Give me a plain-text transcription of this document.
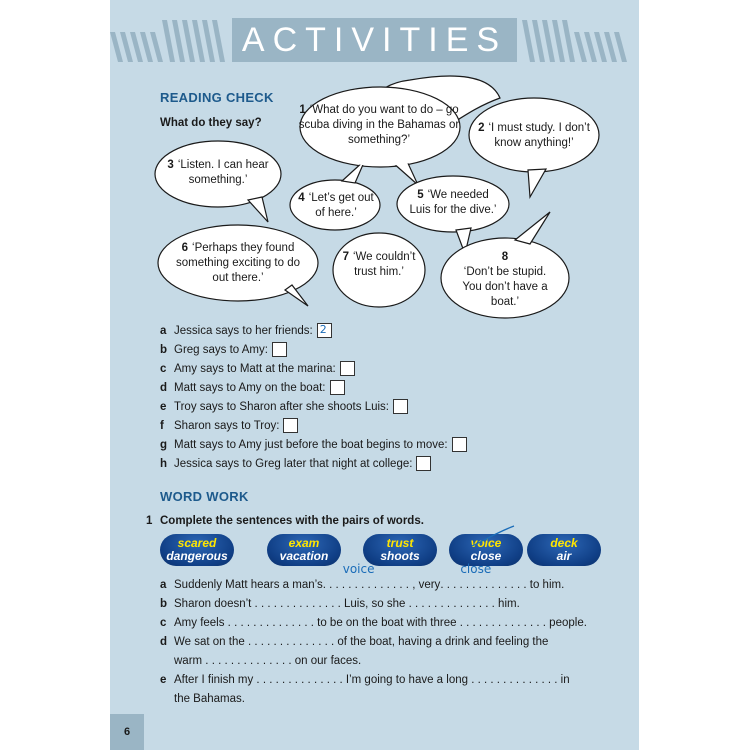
ACTIVITIES
READING CHECK
What do they say?
1 ‘What do you want to do – go scuba diving in the Bahamas or something?’
2 ‘I must study. I don’t know anything!’
3 ‘Listen. I can hear something.’
4 ‘Let’s get out of here.’
5 ‘We needed Luis for the dive.’
6 ‘Perhaps they found something exciting to do out there.’
7 ‘We couldn’t trust him.’
8
‘Don’t be stupid. You don’t have a boat.’
a Jessica says to her friends: 2
b Greg says to Amy:
c Amy says to Matt at the marina:
d Matt says to Amy on the boat:
e Troy says to Sharon after she shoots Luis:
f Sharon says to Troy:
g Matt says to Amy just before the boat begins to move:
h Jessica says to Greg later that night at college:
WORD WORK
1 Complete the sentences with the pairs of words.
scared
dangerous
exam
vacation
trust
shoots
voice
close
deck
air
a Suddenly Matt hears a man’s
voice
. . . . . . . . . . . . . . , very
close
. . . . . . . . . . . . . . to him.
b Sharon doesn’t . . . . . . . . . . . . . . Luis, so she . . . . . . . . . . . . . . him.
c Amy feels . . . . . . . . . . . . . . to be on the boat with three . . . . . . . . . . . . . . people.
d We sat on the . . . . . . . . . . . . . . of the boat, having a drink and feeling the
warm . . . . . . . . . . . . . . on our faces.
e After I finish my . . . . . . . . . . . . . . I’m going to have a long . . . . . . . . . . . . . . in
the Bahamas.
6
